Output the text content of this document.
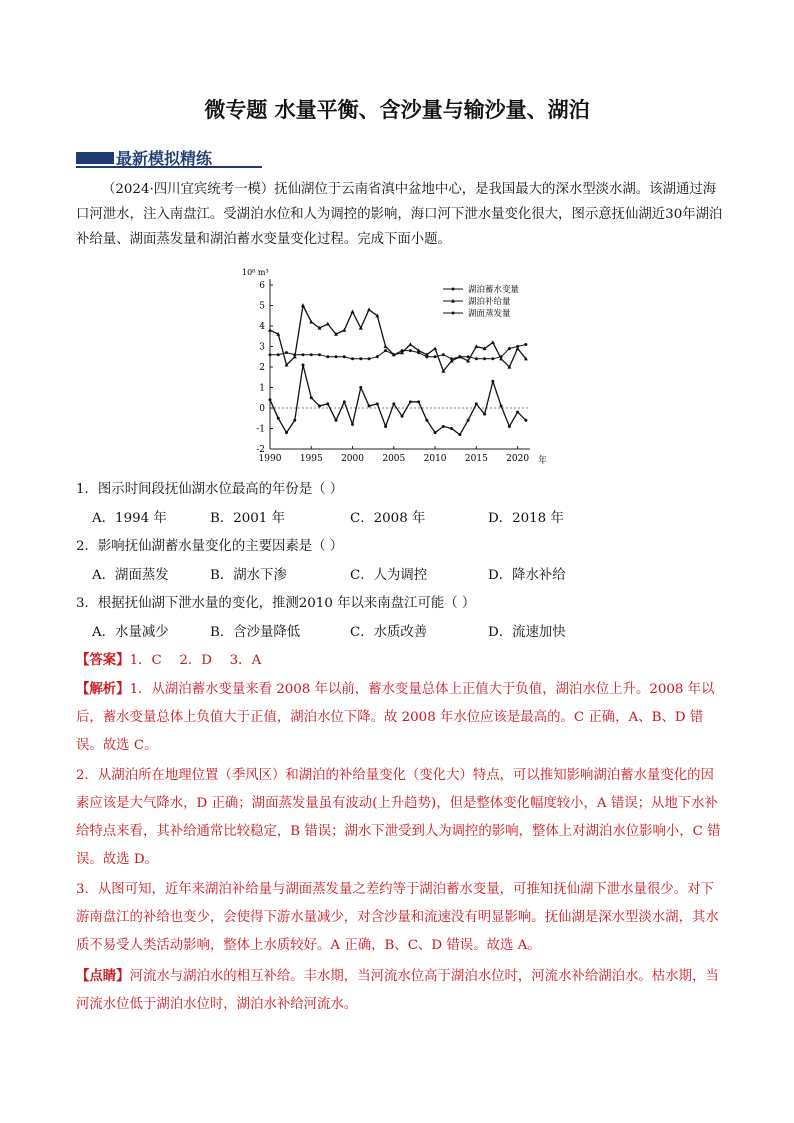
微专题 水量平衡、含沙量与输沙量、湖泊
最新模拟精练
（2024·四川宜宾统考一模）抚仙湖位于云南省滇中盆地中心，是我国最大的深水型淡水湖。该湖通过海口河泄水，注入南盘江。受湖泊水位和人为调控的影响，海口河下泄水量变化很大，图示意抚仙湖近30年湖泊补给量、湖面蒸发量和湖泊蓄水变量变化过程。完成下面小题。
10⁸ m³
年
-2
-1
0
1
2
3
4
5
6
1990 1995 2000 2005 2010 2015 2020
湖泊蓄水变量
湖泊补给量
湖面蒸发量
1．图示时间段抚仙湖水位最高的年份是（ ）
A．1994 年	B．2001 年	C．2008 年	D．2018 年
2．影响抚仙湖蓄水量变化的主要因素是（ ）
A．湖面蒸发	B．湖水下渗	C．人为调控	D．降水补给
3．根据抚仙湖下泄水量的变化，推测2010 年以来南盘江可能（ ）
A．水量减少	B．含沙量降低	C．水质改善	D．流速加快
【答案】1．C　 2．D　 3．A
【解析】1．从湖泊蓄水变量来看 2008 年以前，蓄水变量总体上正值大于负值，湖泊水位上升。2008 年以后，蓄水变量总体上负值大于正值，湖泊水位下降。故 2008 年水位应该是最高的。C 正确，A、B、D 错误。故选 C。
2．从湖泊所在地理位置（季风区）和湖泊的补给量变化（变化大）特点，可以推知影响湖泊蓄水量变化的因素应该是大气降水，D 正确；湖面蒸发量虽有波动(上升趋势)，但是整体变化幅度较小，A 错误；从地下水补给特点来看，其补给通常比较稳定，B 错误；湖水下泄受到人为调控的影响，整体上对湖泊水位影响小，C 错误。故选 D。
3．从图可知，近年来湖泊补给量与湖面蒸发量之差约等于湖泊蓄水变量，可推知抚仙湖下泄水量很少。对下游南盘江的补给也变少，会使得下游水量减少，对含沙量和流速没有明显影响。抚仙湖是深水型淡水湖，其水质不易受人类活动影响，整体上水质较好。A 正确，B、C、D 错误。故选 A。
【点睛】河流水与湖泊水的相互补给。丰水期，当河流水位高于湖泊水位时，河流水补给湖泊水。枯水期，当河流水位低于湖泊水位时，湖泊水补给河流水。
